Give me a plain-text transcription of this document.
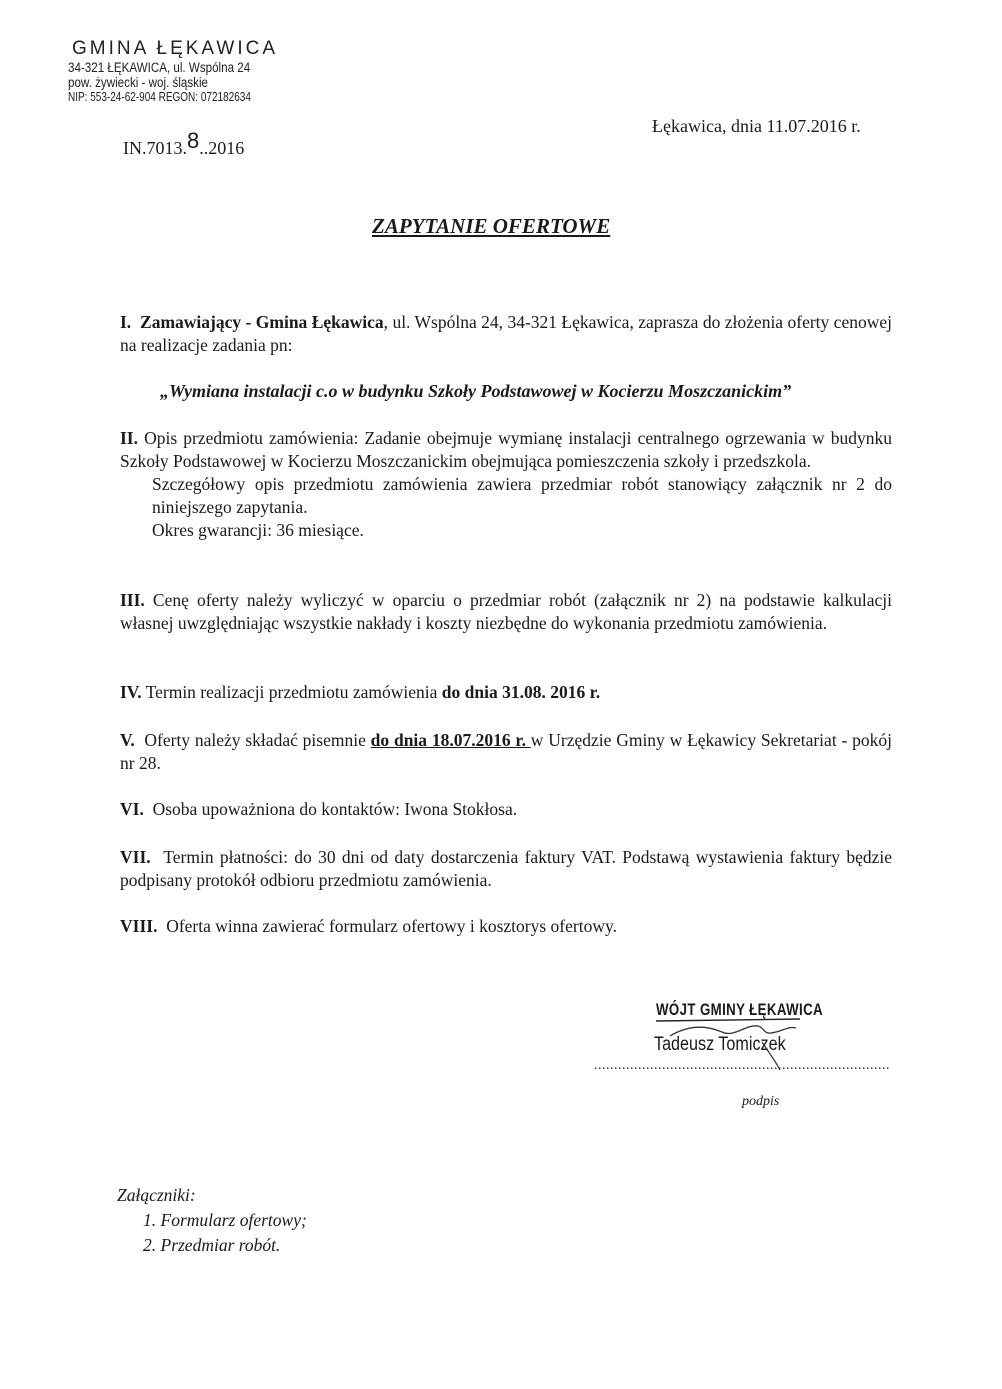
GMINA ŁĘKAWICA
34-321 ŁĘKAWICA, ul. Wspólna 24
pow. żywiecki - woj. śląskie
NIP: 553-24-62-904 REGON: 072182634
IN.7013.8..2016
Łękawica, dnia 11.07.2016 r.
ZAPYTANIE OFERTOWE
I. Zamawiający - Gmina Łękawica, ul. Wspólna 24, 34-321 Łękawica, zaprasza do złożenia oferty cenowej na realizacje zadania pn:
„Wymiana instalacji c.o w budynku Szkoły Podstawowej w Kocierzu Moszczanickim”
II. Opis przedmiotu zamówienia: Zadanie obejmuje wymianę instalacji centralnego ogrzewania w budynku Szkoły Podstawowej w Kocierzu Moszczanickim obejmująca pomieszczenia szkoły i przedszkola.
Szczegółowy opis przedmiotu zamówienia zawiera przedmiar robót stanowiący załącznik nr 2 do niniejszego zapytania.
Okres gwarancji: 36 miesiące.
III. Cenę oferty należy wyliczyć w oparciu o przedmiar robót (załącznik nr 2) na podstawie kalkulacji własnej uwzględniając wszystkie nakłady i koszty niezbędne do wykonania przedmiotu zamówienia.
IV. Termin realizacji przedmiotu zamówienia do dnia 31.08. 2016 r.
V. Oferty należy składać pisemnie do dnia 18.07.2016 r. w Urzędzie Gminy w Łękawicy Sekretariat - pokój nr 28.
VI. Osoba upoważniona do kontaktów: Iwona Stokłosa.
VII. Termin płatności: do 30 dni od daty dostarczenia faktury VAT. Podstawą wystawienia faktury będzie podpisany protokół odbioru przedmiotu zamówienia.
VIII. Oferta winna zawierać formularz ofertowy i kosztorys ofertowy.
WÓJT GMINY ŁĘKAWICA
Tadeusz Tomiczek
..........................................................................
podpis
Załączniki:
1. Formularz ofertowy;
2. Przedmiar robót.
